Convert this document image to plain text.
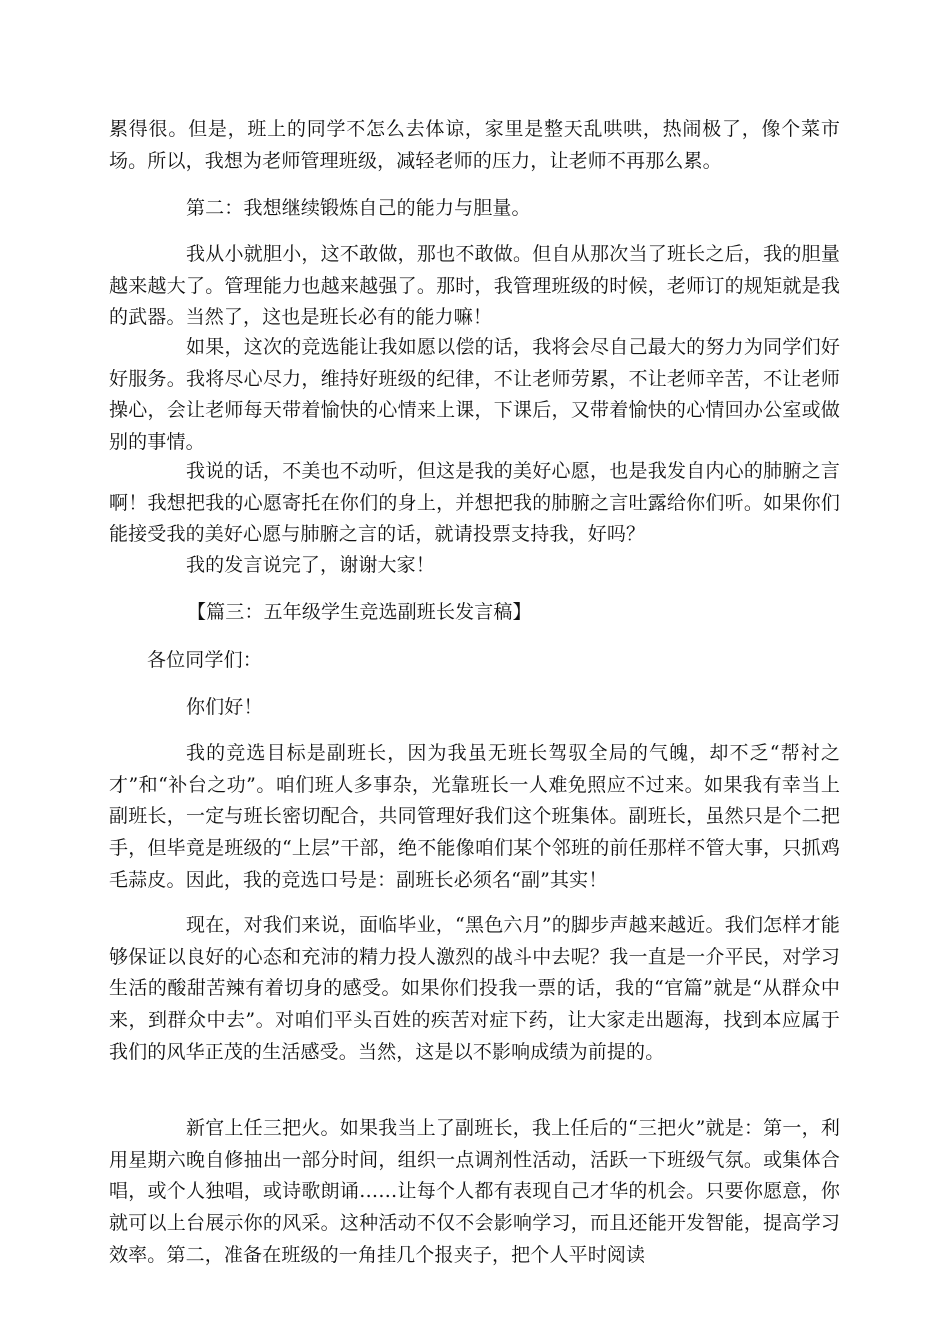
累得很。但是，班上的同学不怎么去体谅，家里是整天乱哄哄，热闹极了，像个菜市场。所以，我想为老师管理班级，减轻老师的压力，让老师不再那么累。

第二：我想继续锻炼自己的能力与胆量。

我从小就胆小，这不敢做，那也不敢做。但自从那次当了班长之后，我的胆量越来越大了。管理能力也越来越强了。那时，我管理班级的时候，老师订的规矩就是我的武器。当然了，这也是班长必有的能力嘛！

如果，这次的竞选能让我如愿以偿的话，我将会尽自己最大的努力为同学们好好服务。我将尽心尽力，维持好班级的纪律，不让老师劳累，不让老师辛苦，不让老师操心，会让老师每天带着愉快的心情来上课，下课后，又带着愉快的心情回办公室或做别的事情。

我说的话，不美也不动听，但这是我的美好心愿，也是我发自内心的肺腑之言啊！我想把我的心愿寄托在你们的身上，并想把我的肺腑之言吐露给你们听。如果你们能接受我的美好心愿与肺腑之言的话，就请投票支持我，好吗？

我的发言说完了，谢谢大家！

【篇三：五年级学生竞选副班长发言稿】

各位同学们：

你们好！

我的竞选目标是副班长，因为我虽无班长驾驭全局的气魄，却不乏“帮衬之才”和“补台之功”。咱们班人多事杂，光靠班长一人难免照应不过来。如果我有幸当上副班长，一定与班长密切配合，共同管理好我们这个班集体。副班长，虽然只是个二把手，但毕竟是班级的“上层”干部，绝不能像咱们某个邻班的前任那样不管大事，只抓鸡毛蒜皮。因此，我的竞选口号是：副班长必须名“副”其实！

现在，对我们来说，面临毕业，“黑色六月”的脚步声越来越近。我们怎样才能够保证以良好的心态和充沛的精力投人激烈的战斗中去呢？我一直是一介平民，对学习生活的酸甜苦辣有着切身的感受。如果你们投我一票的话，我的“官篇”就是“从群众中来，到群众中去”。对咱们平头百姓的疾苦对症下药，让大家走出题海，找到本应属于我们的风华正茂的生活感受。当然，这是以不影响成绩为前提的。

新官上任三把火。如果我当上了副班长，我上任后的“三把火”就是：第一，利用星期六晚自修抽出一部分时间，组织一点调剂性活动，活跃一下班级气氛。或集体合唱，或个人独唱，或诗歌朗诵……让每个人都有表现自己才华的机会。只要你愿意，你就可以上台展示你的风采。这种活动不仅不会影响学习，而且还能开发智能，提高学习效率。第二，准备在班级的一角挂几个报夹子，把个人平时阅读
